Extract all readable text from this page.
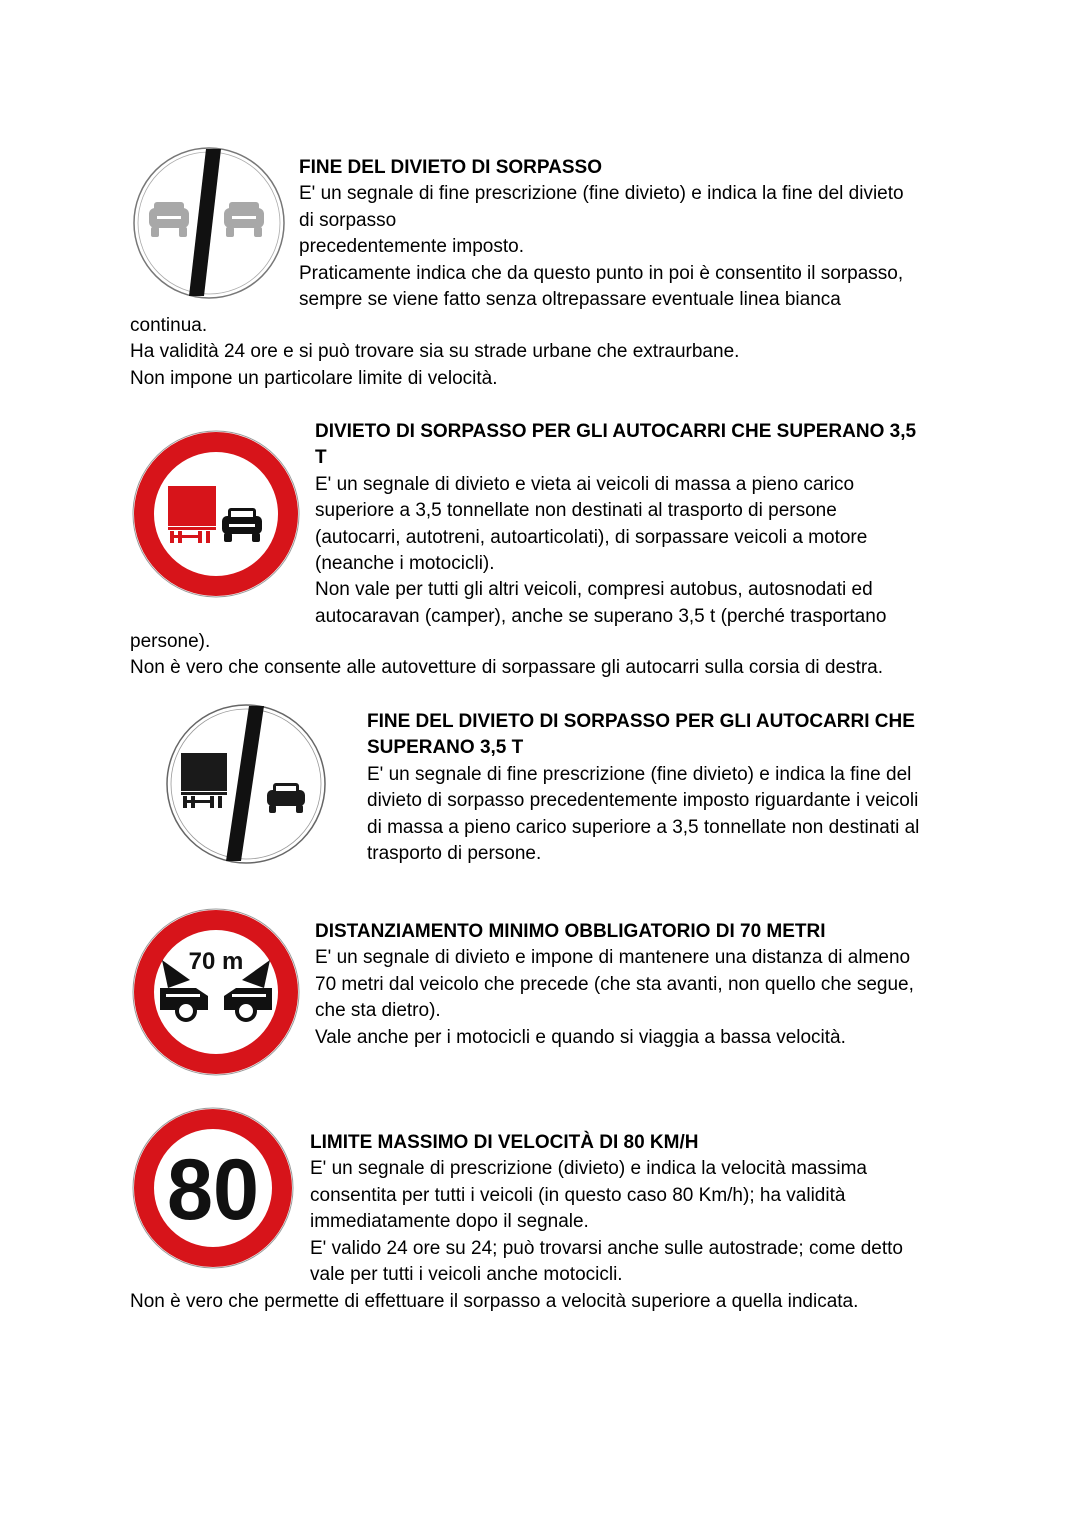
FINE DEL DIVIETO DI SORPASSO
E' un segnale di fine prescrizione (fine divieto) e indica la fine del divieto
di sorpasso
precedentemente imposto.
Praticamente indica che da questo punto in poi è consentito il sorpasso,
sempre se viene fatto senza oltrepassare eventuale linea bianca
continua.
Ha validità 24 ore e si può trovare sia su strade urbane che extraurbane.
Non impone un particolare limite di velocità.
DIVIETO DI SORPASSO PER GLI AUTOCARRI CHE SUPERANO 3,5
T
E' un segnale di divieto e vieta ai veicoli di massa a pieno carico
superiore a 3,5 tonnellate non destinati al trasporto di persone
(autocarri, autotreni, autoarticolati), di sorpassare veicoli a motore
(neanche i motocicli).
Non vale per tutti gli altri veicoli, compresi autobus, autosnodati ed
autocaravan (camper), anche se superano 3,5 t (perché trasportano
persone).
Non è vero che consente alle autovetture di sorpassare gli autocarri sulla corsia di destra.
FINE DEL DIVIETO DI SORPASSO PER GLI AUTOCARRI CHE
SUPERANO 3,5 T
E' un segnale di fine prescrizione (fine divieto) e indica la fine del
divieto di sorpasso precedentemente imposto riguardante i veicoli
di massa a pieno carico superiore a 3,5 tonnellate non destinati al
trasporto di persone.
70 m
DISTANZIAMENTO MINIMO OBBLIGATORIO DI 70 METRI
E' un segnale di divieto e impone di mantenere una distanza di almeno
70 metri dal veicolo che precede (che sta avanti, non quello che segue,
che sta dietro).
Vale anche per i motocicli e quando si viaggia a bassa velocità.
80	LIMITE MASSIMO DI VELOCITÀ DI 80 KM/H
E' un segnale di prescrizione (divieto) e indica la velocità massima
consentita per tutti i veicoli (in questo caso 80 Km/h); ha validità
immediatamente dopo il segnale.
E' valido 24 ore su 24; può trovarsi anche sulle autostrade; come detto
vale per tutti i veicoli anche motocicli.
Non è vero che permette di effettuare il sorpasso a velocità superiore a quella indicata.
